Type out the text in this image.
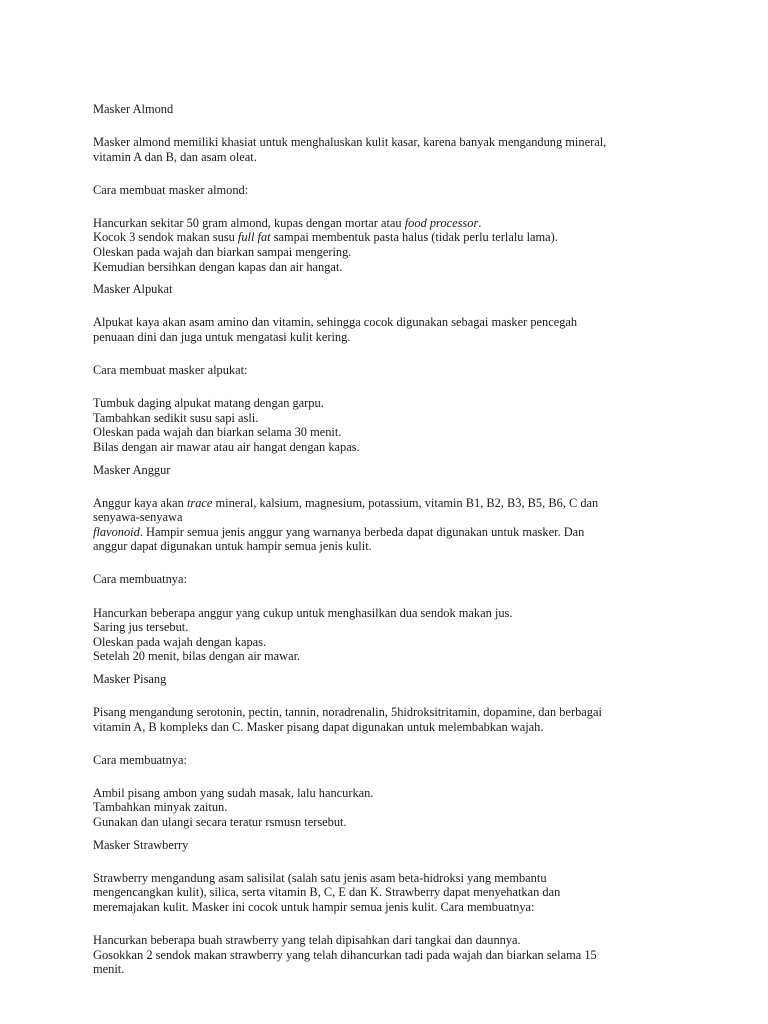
Masker Almond

Masker almond memiliki khasiat untuk menghaluskan kulit kasar, karena banyak mengandung mineral,
vitamin A dan B, dan asam oleat.

Cara membuat masker almond:

Hancurkan sekitar 50 gram almond, kupas dengan mortar atau food processor.
Kocok 3 sendok makan susu full fat sampai membentuk pasta halus (tidak perlu terlalu lama).
Oleskan pada wajah dan biarkan sampai mengering.
Kemudian bersihkan dengan kapas dan air hangat.

Masker Alpukat

Alpukat kaya akan asam amino dan vitamin, sehingga cocok digunakan sebagai masker pencegah
penuaan dini dan juga untuk mengatasi kulit kering.

Cara membuat masker alpukat:

Tumbuk daging alpukat matang dengan garpu.
Tambahkan sedikit susu sapi asli.
Oleskan pada wajah dan biarkan selama 30 menit.
Bilas dengan air mawar atau air hangat dengan kapas.

Masker Anggur

Anggur kaya akan trace mineral, kalsium, magnesium, potassium, vitamin B1, B2, B3, B5, B6, C dan
senyawa-senyawa
flavonoid. Hampir semua jenis anggur yang warnanya berbeda dapat digunakan untuk masker. Dan
anggur dapat digunakan untuk hampir semua jenis kulit.

Cara membuatnya:

Hancurkan beberapa anggur yang cukup untuk menghasilkan dua sendok makan jus.
Saring jus tersebut.
Oleskan pada wajah dengan kapas.
Setelah 20 menit, bilas dengan air mawar.

Masker Pisang

Pisang mengandung serotonin, pectin, tannin, noradrenalin, 5hidroksitritamin, dopamine, dan berbagai
vitamin A, B kompleks dan C. Masker pisang dapat digunakan untuk melembabkan wajah.

Cara membuatnya:

Ambil pisang ambon yang sudah masak, lalu hancurkan.
Tambahkan minyak zaitun.
Gunakan dan ulangi secara teratur rsmusn tersebut.

Masker Strawberry

Strawberry mengandung asam salisilat (salah satu jenis asam beta-hidroksi yang membantu
mengencangkan kulit), silica, serta vitamin B, C, E dan K. Strawberry dapat menyehatkan dan
meremajakan kulit. Masker ini cocok untuk hampir semua jenis kulit. Cara membuatnya:
Hancurkan beberapa buah strawberry yang telah dipisahkan dari tangkai dan daunnya.
Gosokkan 2 sendok makan strawberry yang telah dihancurkan tadi pada wajah dan biarkan selama 15
menit.
